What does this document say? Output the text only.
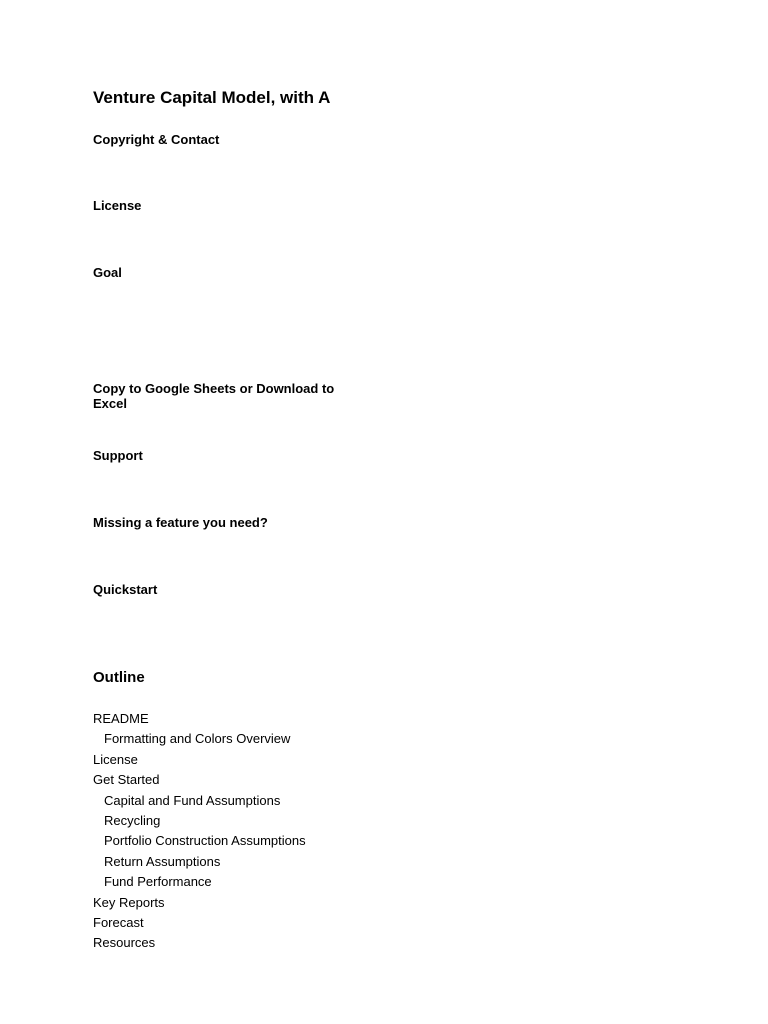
Venture Capital Model, with A
Copyright & Contact
License
Goal
Copy to Google Sheets or Download to Excel
Support
Missing a feature you need?
Quickstart
Outline
README
Formatting and Colors Overview
License
Get Started
Capital and Fund Assumptions
Recycling
Portfolio Construction Assumptions
Return Assumptions
Fund Performance
Key Reports
Forecast
Resources
